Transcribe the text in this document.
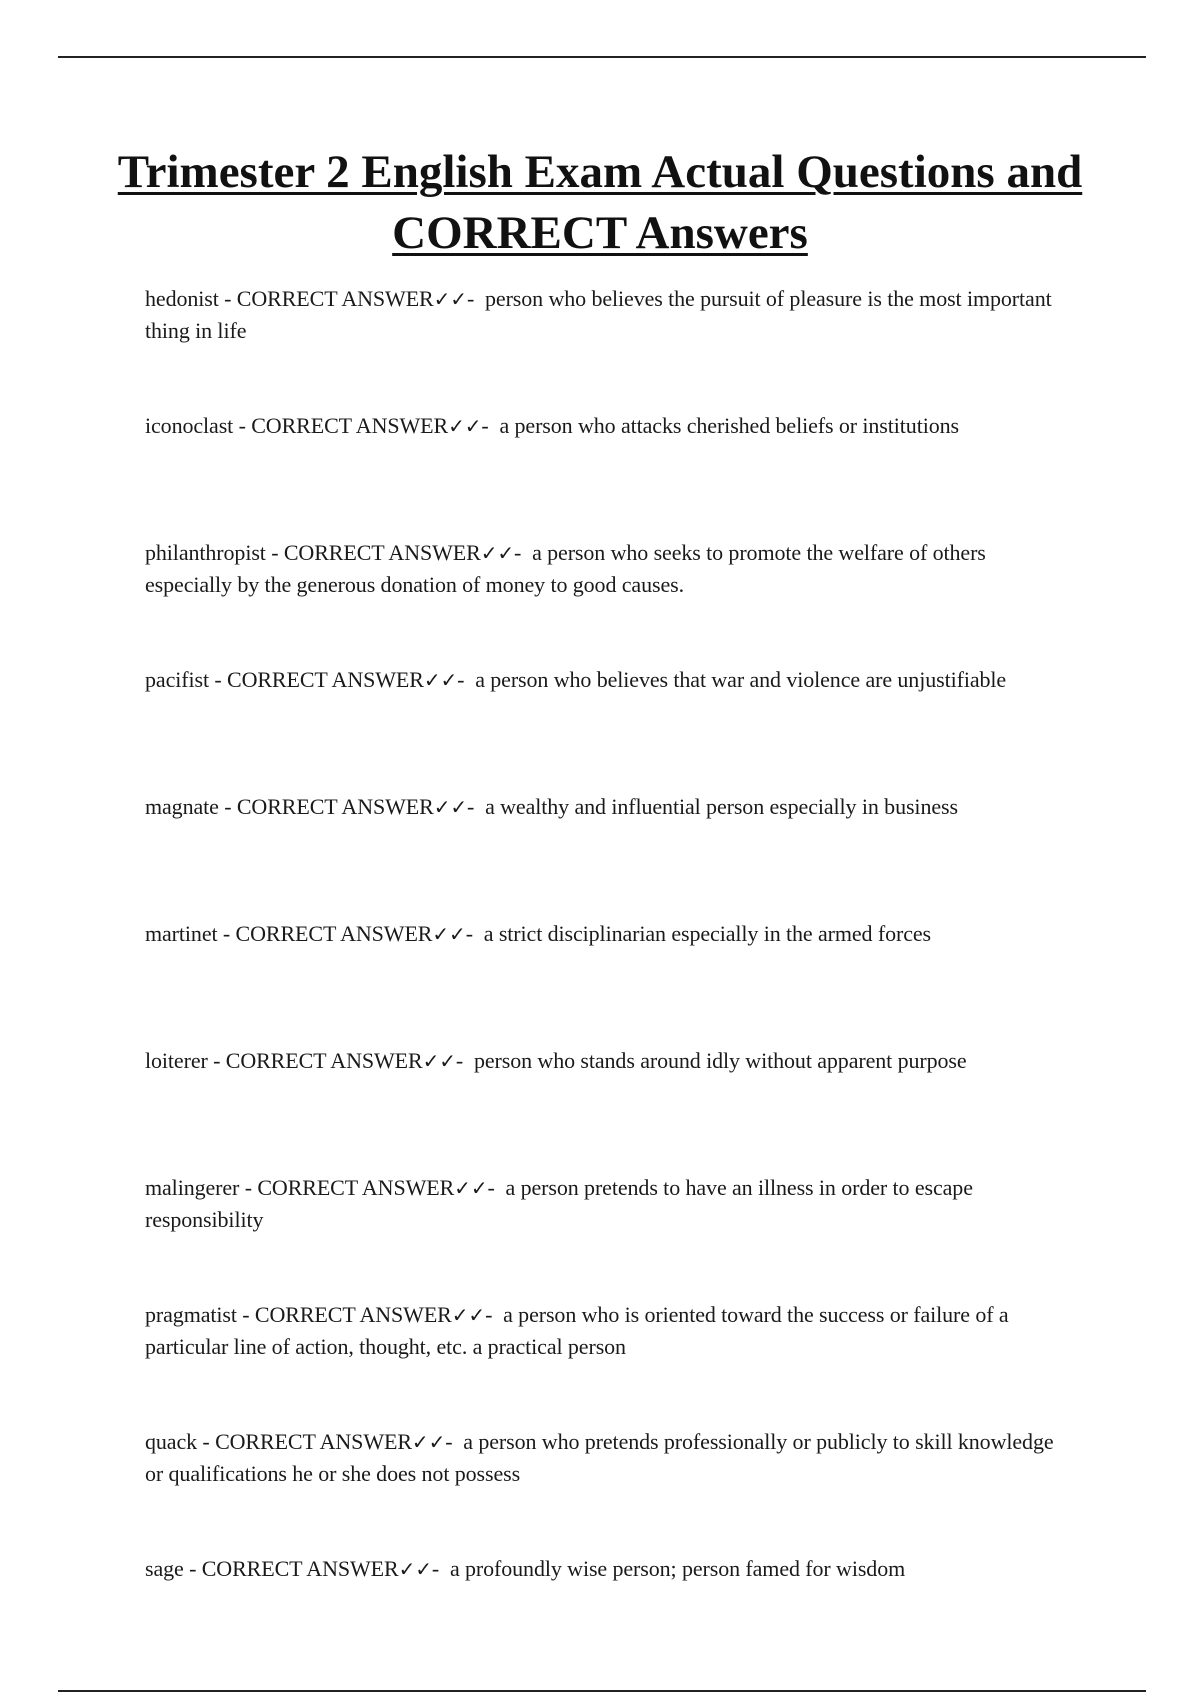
Trimester 2 English Exam Actual Questions and CORRECT Answers
hedonist - CORRECT ANSWER✓✓-  person who believes the pursuit of pleasure is the most important thing in life
iconoclast - CORRECT ANSWER✓✓-  a person who attacks cherished beliefs or institutions
philanthropist - CORRECT ANSWER✓✓-  a person who seeks to promote the welfare of others especially by the generous donation of money to good causes.
pacifist - CORRECT ANSWER✓✓-  a person who believes that war and violence are unjustifiable
magnate - CORRECT ANSWER✓✓-  a wealthy and influential person especially in business
martinet - CORRECT ANSWER✓✓-  a strict disciplinarian especially in the armed forces
loiterer - CORRECT ANSWER✓✓-  person who stands around idly without apparent purpose
malingerer - CORRECT ANSWER✓✓-  a person pretends to have an illness in order to escape responsibility
pragmatist - CORRECT ANSWER✓✓-  a person who is oriented toward the success or failure of a particular line of action, thought, etc. a practical person
quack - CORRECT ANSWER✓✓-  a person who pretends professionally or publicly to skill knowledge or qualifications he or she does not possess
sage - CORRECT ANSWER✓✓-  a profoundly wise person; person famed for wisdom
